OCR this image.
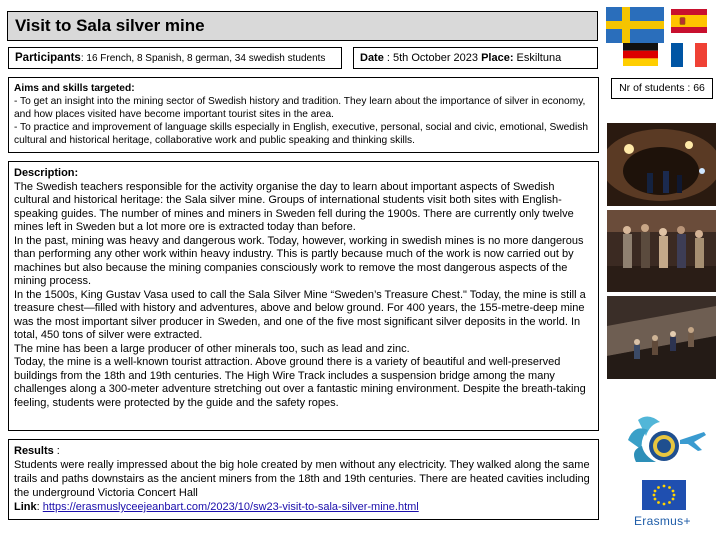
Visit to Sala silver mine
Participants: 16 French, 8 Spanish, 8 german, 34 swedish students	Date : 5th October 2023 Place: Eskiltuna

Aims and skills targeted:

- To get an insight into the mining sector of Swedish history and tradition. They learn about the importance of silver in economy, and how places visited have become important tourist sites in the area.

- To practice and improvement of language skills especially in English, executive, personal, social and civic, emotional, Swedish cultural and historical heritage, collaborative work and public speaking and thinking skills.

Description:

The Swedish teachers responsible for the activity organise the day to learn about important aspects of Swedish cultural and historical heritage: the Sala silver mine. Groups of international students visit both sites with English- speaking guides. The number of mines and miners in Sweden fell during the 1900s. There are currently only twelve mines left in Sweden but a lot more ore is extracted today than before.

In the past, mining was heavy and dangerous work. Today, however, working in swedish mines is no more dangerous than performing any other work within heavy industry. This is partly because much of the work is now carried out by machines but also because the mining companies consciously work to remove the most dangerous aspects of the mining process.

In the 1500s, King Gustav Vasa used to call the Sala Silver Mine “Sweden’s Treasure Chest." Today, the mine is still a treasure chest—filled with history and adventures, above and below ground. For 400 years, the 155-metre-deep mine was the most important silver producer in Sweden, and one of the five most significant silver deposits in the world. In total, 450 tons of silver were extracted.

The mine has been a large producer of other minerals too, such as lead and zinc.

Today, the mine is a well-known tourist attraction. Above ground there is a variety of beautiful and well-preserved buildings from the 18th and 19th centuries. The High Wire Track includes a suspension bridge among the many challenges along a 300-meter adventure stretching out over a fantastic mining environment. Despite the breath-taking feeling, students were protected by the guide and the safety ropes.

Results :

Students were really impressed about the big hole created by men without any electricity. They walked along the same trails and paths downstairs as the ancient miners from the 18th and 19th centuries. There are heated cavities including the underground Victoria Concert Hall

Link: https://erasmuslyceejeanbart.com/2023/10/sw23-visit-to-sala-silver-mine.html

Nr of students : 66
Erasmus+
